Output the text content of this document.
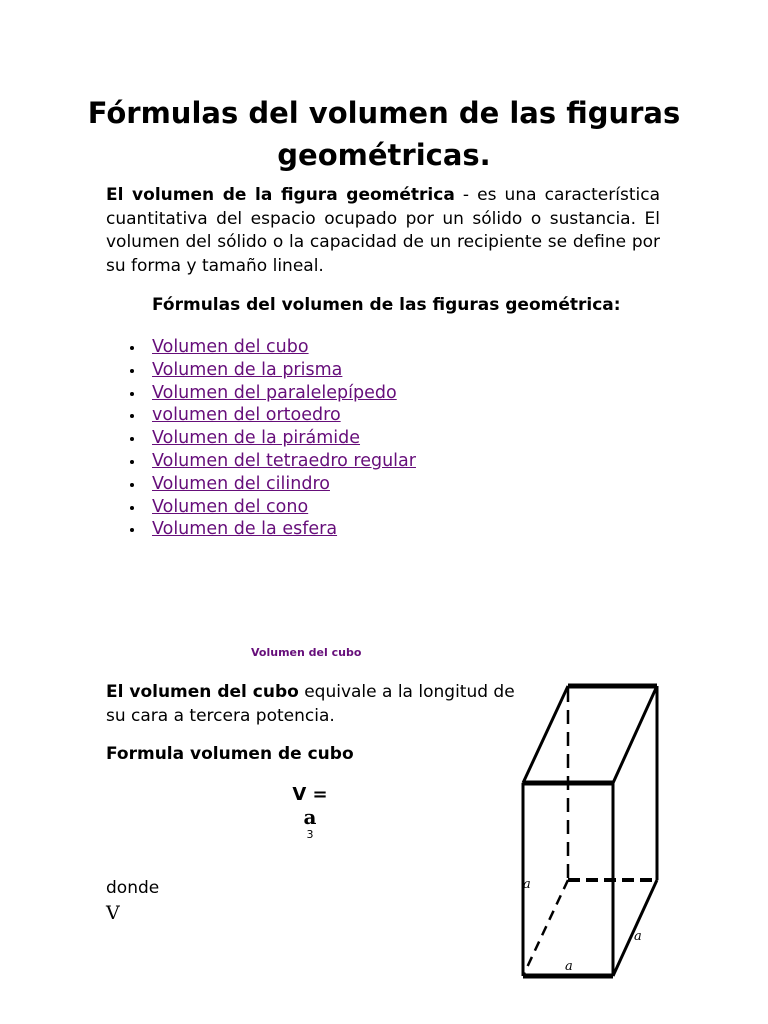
Fórmulas del volumen de las figuras geométricas.

El volumen de la figura geométrica - es una característica cuantitativa del espacio ocupado por un sólido o sustancia. El volumen del sólido o la capacidad de un recipiente se define por su forma y tamaño lineal.

Fórmulas del volumen de las figuras geométrica:

Volumen del cubo
Volumen de la prisma
Volumen del paralelepípedo
volumen del ortoedro
Volumen de la pirámide
Volumen del tetraedro regular
Volumen del cilindro
Volumen del cono
Volumen de la esfera
Volumen del cubo

El volumen del cubo equivale a la longitud de su cara a tercera potencia.

Formula volumen de cubo

V =
a
3
donde
V
a
a
a
